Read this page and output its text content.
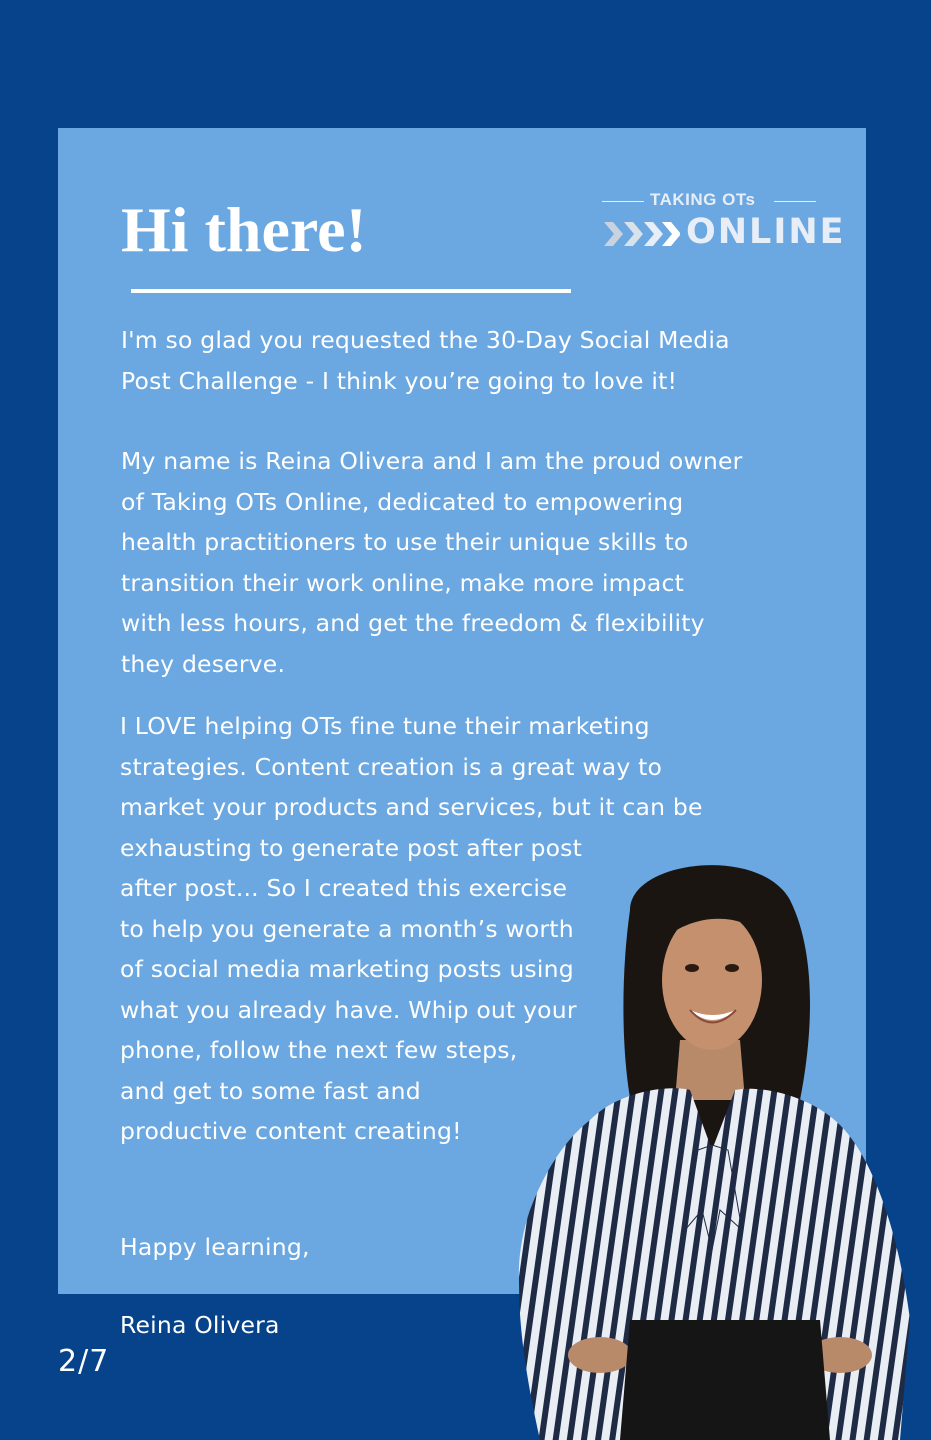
Hi there!	TAKING OTs
ONLINE

I'm so glad you requested the 30-Day Social Media
Post Challenge - I think you’re going to love it!

My name is Reina Olivera and I am the proud owner
of Taking OTs Online, dedicated to empowering
health practitioners to use their unique skills to
transition their work online, make more impact
with less hours, and get the freedom & flexibility
they deserve.

I LOVE helping OTs fine tune their marketing
strategies. Content creation is a great way to
market your products and services, but it can be
exhausting to generate post after post
after post... So I created this exercise
to help you generate a month’s worth
of social media marketing posts using
what you already have. Whip out your
phone, follow the next few steps,
and get to some fast and
productive content creating!

Happy learning,

Reina Olivera

2/7
